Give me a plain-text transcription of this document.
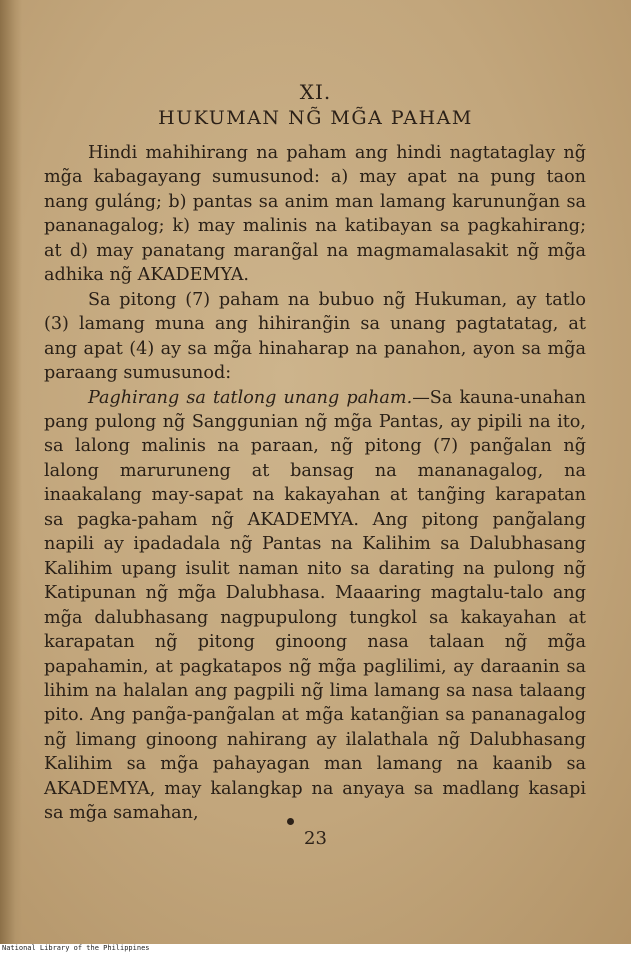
XI.
HUKUMAN NG̃ MG̃A PAHAM

Hindi mahihirang na paham ang hindi nagtataglay ng̃ mg̃a kabagayang sumusunod: a) may apat na pung taon nang guláng; b) pantas sa anim man lamang karunung̃an sa pananagalog; k) may malinis na katibayan sa pagkahirang; at d) may panatang marang̃al na magmamalasakit ng̃ mg̃a adhika ng̃ AKADEMYA.

Sa pitong (7) paham na bubuo ng̃ Hukuman, ay tatlo (3) lamang muna ang hihirang̃in sa unang pagtatatag, at ang apat (4) ay sa mg̃a hinaharap na panahon, ayon sa mg̃a paraang sumusunod:

Paghirang sa tatlong unang paham.—Sa kauna-unahan pang pulong ng̃ Sanggunian ng̃ mg̃a Pantas, ay pipili na ito, sa lalong malinis na paraan, ng̃ pitong (7) pang̃alan ng̃ lalong maruruneng at bansag na mananagalog, na inaakalang may-sapat na kakayahan at tang̃ing karapatan sa pagka-paham ng̃ AKADEMYA. Ang pitong pang̃alang napili ay ipadadala ng̃ Pantas na Kalihim sa Dalubhasang Kalihim upang isulit naman nito sa darating na pulong ng̃ Katipunan ng̃ mg̃a Dalubhasa. Maaaring magtalu-talo ang mg̃a dalubhasang nagpupulong tungkol sa kakayahan at karapatan ng̃ pitong ginoong nasa talaan ng̃ mg̃a papahamin, at pagkatapos ng̃ mg̃a paglilimi, ay daraanin sa lihim na halalan ang pagpili ng̃ lima lamang sa nasa talaang pito. Ang pang̃a-pang̃alan at mg̃a katang̃ian sa pananagalog ng̃ limang ginoong nahirang ay ilalathala ng̃ Dalubhasang Kalihim sa mg̃a pahayagan man lamang na kaanib sa AKADEMYA, may kalangkap na anyaya sa madlang kasapi sa mg̃a samahan,

23
National Library of the Philippines
